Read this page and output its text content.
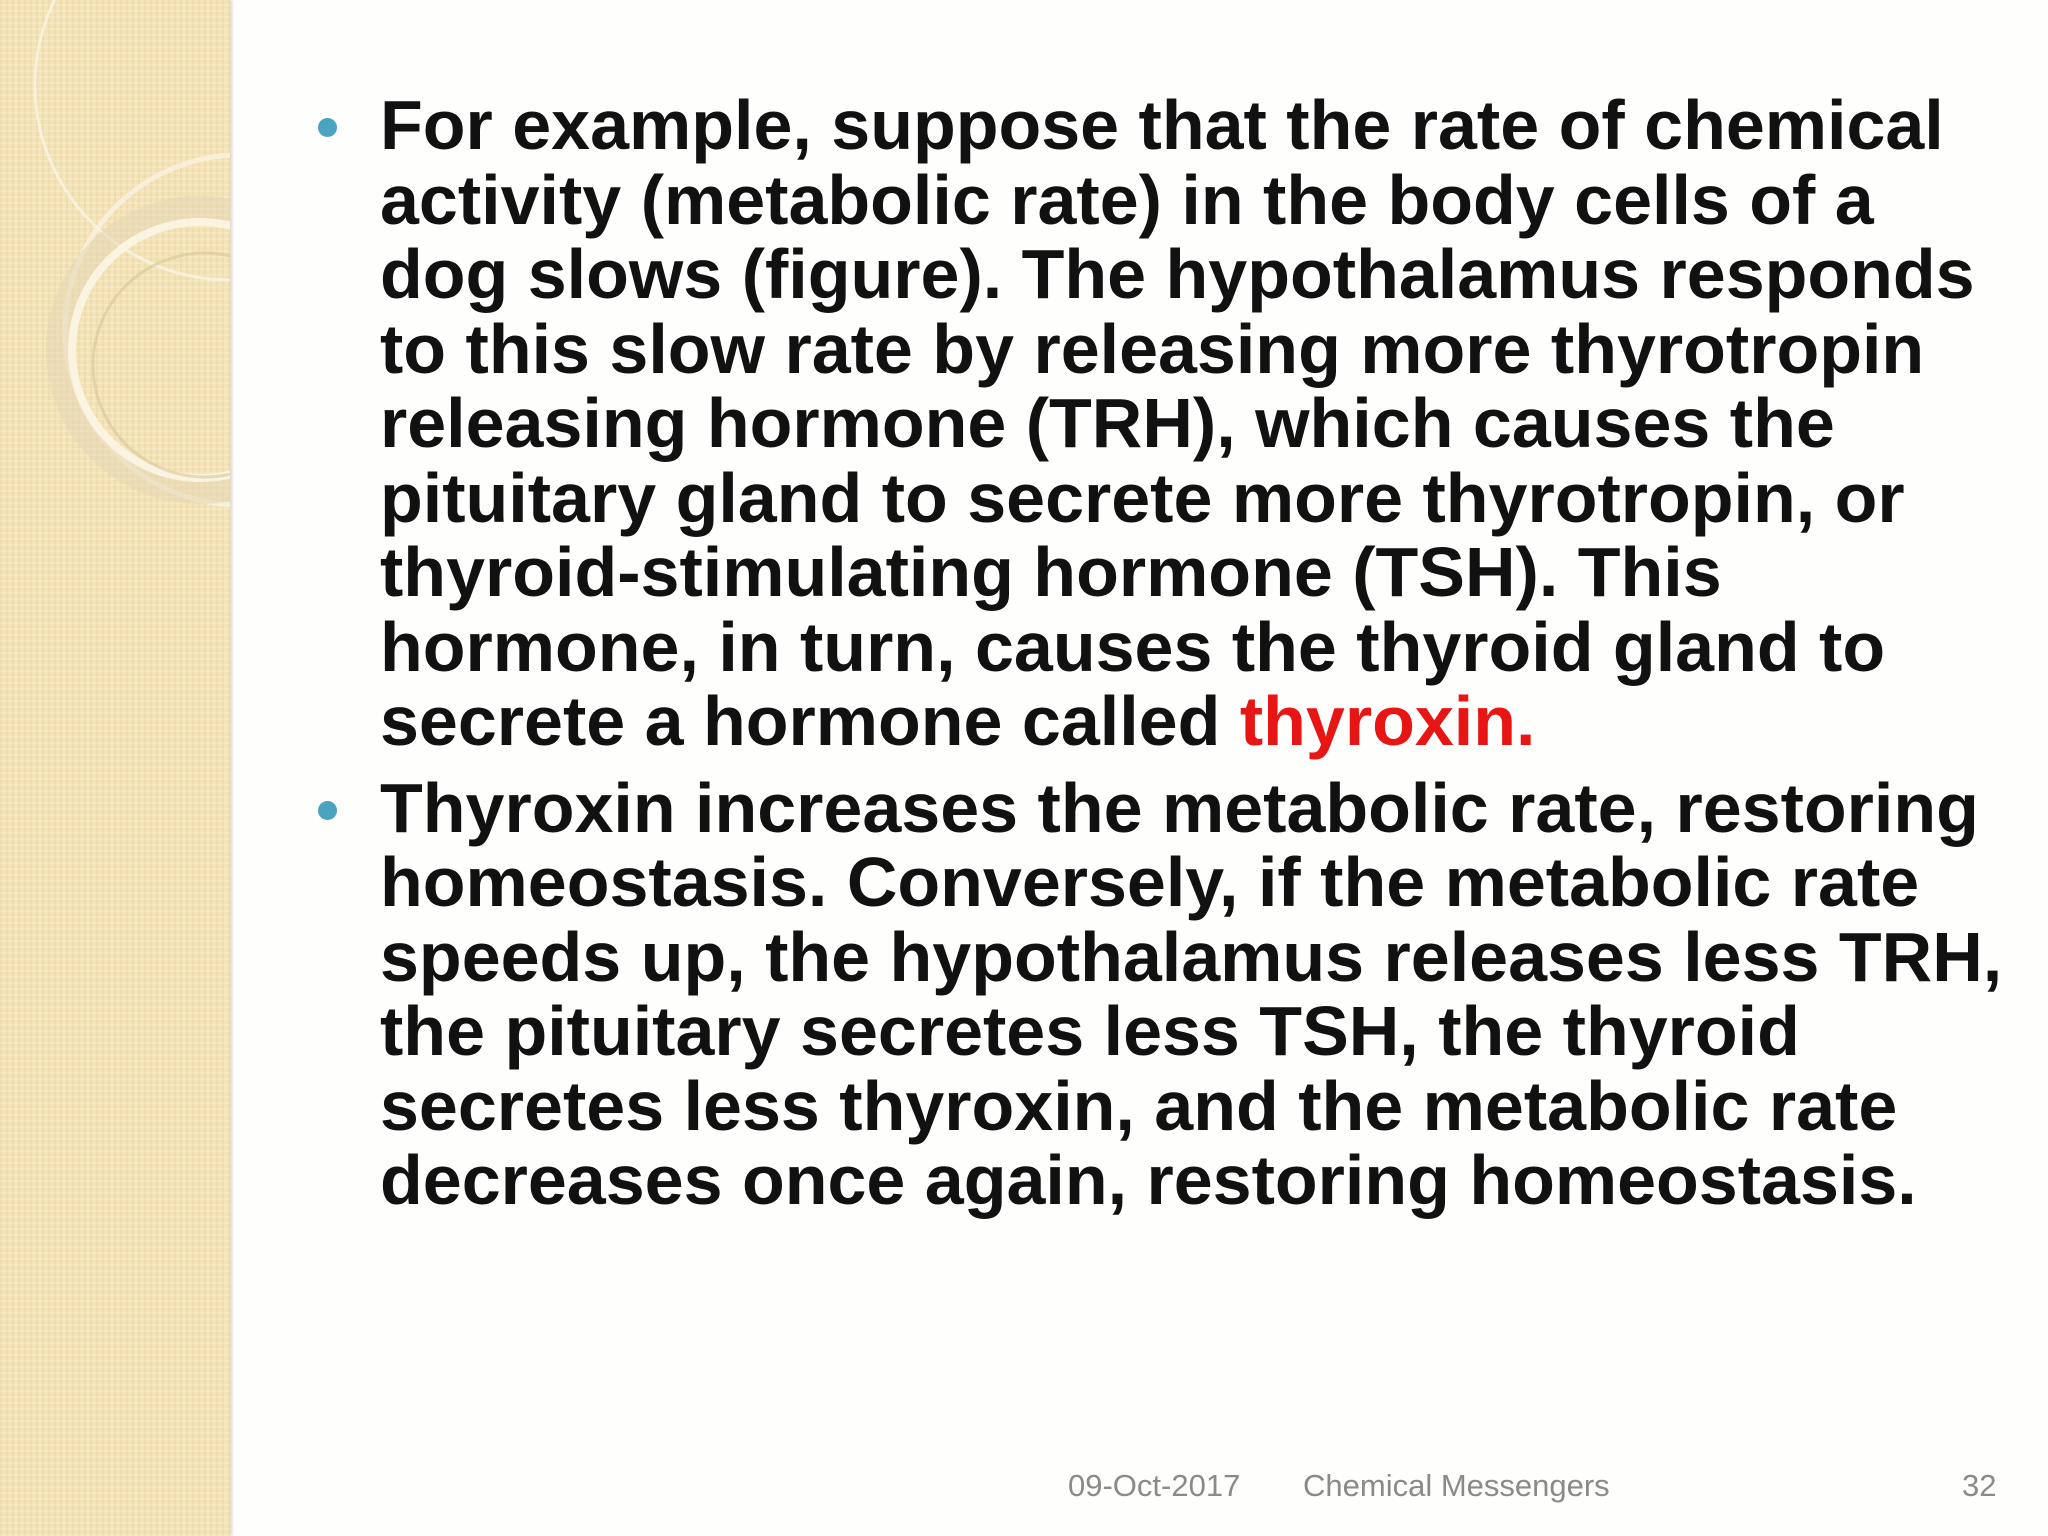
For example, suppose that the rate of chemical activity (metabolic rate) in the body cells of a dog slows (figure). The hypothalamus responds to this slow rate by releasing more thyrotropin releasing hormone (TRH), which causes the pituitary gland to secrete more thyrotropin, or thyroid-stimulating hormone (TSH). This hormone, in turn, causes the thyroid gland to secrete a hormone called thyroxin.

Thyroxin increases the metabolic rate, restoring homeostasis. Conversely, if the metabolic rate speeds up, the hypothalamus releases less TRH, the pituitary secretes less TSH, the thyroid secretes less thyroxin, and the metabolic rate decreases once again, restoring homeostasis.

09-Oct-2017 Chemical Messengers	32
